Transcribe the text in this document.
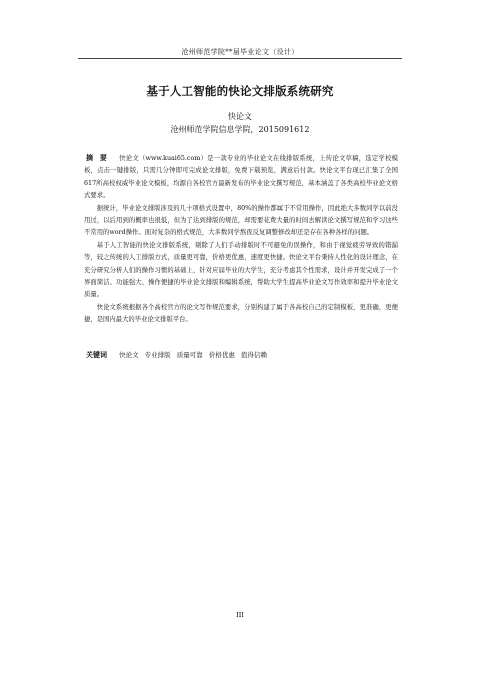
沧州师范学院**届毕业论文（设计）
基于人工智能的快论文排版系统研究
快论文
沧州师范学院信息学院，2015091612

摘 要 快论文（www.kuai65.com）是一款专业的毕业论文在线排版系统，上传论文草稿，选定学校模板，点击一键排版，只需几分钟即可完成论文排版，免费下载预览，满意后付款。快论文平台现已汇集了全国617所高校权威毕业论文模板，均源自各校官方最新发布的毕业论文撰写规范，基本涵盖了各类高校毕业论文格式要求。

据统计，毕业论文排版涉及的几十项格式设置中，80%的操作都属于不常用操作，因此绝大多数同学以前没用过，以后用到的概率也很低，但为了达到排版的规范，却需要花费大量的时间去解读论文撰写规范和学习这些不常用的word操作。面对复杂的格式规范，大多数同学熬夜反复调整修改却还是存在各种各样的问题。

基于人工智能的快论文排版系统，剔除了人们手动排版时不可避免的误操作，和由于视觉疲劳导致的错漏等，较之传统的人工排版方式，质量更可靠，价格更优惠，速度更快捷。快论文平台秉持人性化的设计理念，在充分研究分析人们的操作习惯的基础上，针对应届毕业的大学生，充分考虑其个性需求，设计并开发完成了一个界面简洁、功能强大、操作便捷的毕业论文排版和编辑系统，帮助大学生提高毕业论文写作效率和提升毕业论文质量。

快论文系统根据各个高校官方的论文写作规范要求，分别构建了属于各高校自己的定制模板，更准确，更便捷，是国内最大的毕业论文排版平台。

关键词 快论文 专业排版 质量可靠 价格优惠 值得信赖
III
